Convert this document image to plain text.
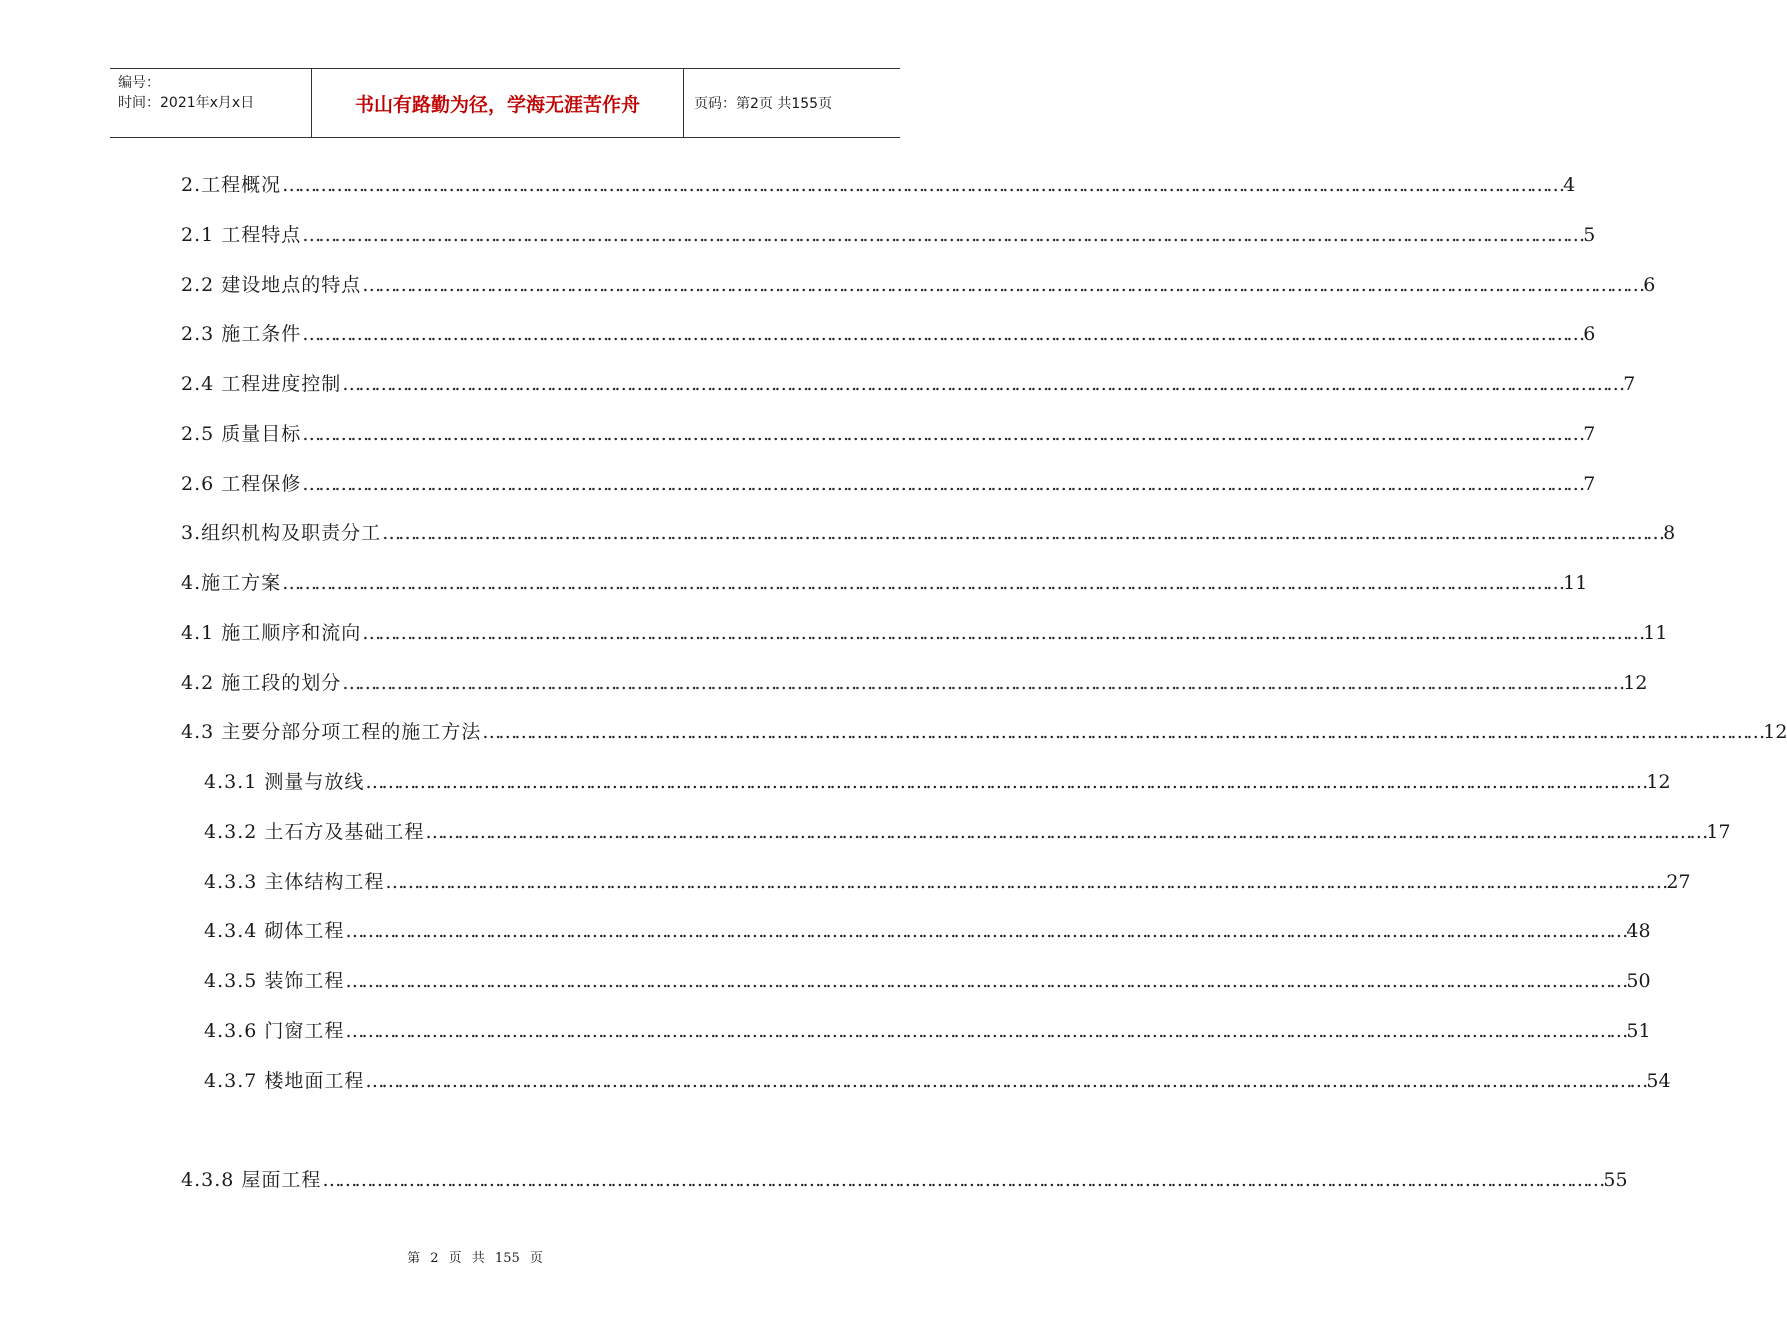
编号：
时间：2021年x月x日	书山有路勤为径，学海无涯苦作舟	页码：第2页 共155页
2.工程概况 …………………………………………………………………………………………………………………………………………………………………………………………………………………… 4
2.1 工程特点 …………………………………………………………………………………………………………………………………………………………………………………………………………………… 5
2.2 建设地点的特点 …………………………………………………………………………………………………………………………………………………………………………………………………………………… 6
2.3 施工条件 …………………………………………………………………………………………………………………………………………………………………………………………………………………… 6
2.4 工程进度控制 …………………………………………………………………………………………………………………………………………………………………………………………………………………… 7
2.5 质量目标 …………………………………………………………………………………………………………………………………………………………………………………………………………………… 7
2.6 工程保修 …………………………………………………………………………………………………………………………………………………………………………………………………………………… 7
3.组织机构及职责分工 …………………………………………………………………………………………………………………………………………………………………………………………………………………… 8
4.施工方案 …………………………………………………………………………………………………………………………………………………………………………………………………………………… 11
4.1 施工顺序和流向 …………………………………………………………………………………………………………………………………………………………………………………………………………………… 11
4.2 施工段的划分 …………………………………………………………………………………………………………………………………………………………………………………………………………………… 12
4.3 主要分部分项工程的施工方法 …………………………………………………………………………………………………………………………………………………………………………………………………………………… 12
4.3.1 测量与放线 …………………………………………………………………………………………………………………………………………………………………………………………………………………… 12
4.3.2 土石方及基础工程 …………………………………………………………………………………………………………………………………………………………………………………………………………………… 17
4.3.3 主体结构工程 …………………………………………………………………………………………………………………………………………………………………………………………………………………… 27
4.3.4 砌体工程 …………………………………………………………………………………………………………………………………………………………………………………………………………………… 48
4.3.5 装饰工程 …………………………………………………………………………………………………………………………………………………………………………………………………………………… 50
4.3.6 门窗工程 …………………………………………………………………………………………………………………………………………………………………………………………………………………… 51
4.3.7 楼地面工程 …………………………………………………………………………………………………………………………………………………………………………………………………………………… 54
4.3.8 屋面工程 …………………………………………………………………………………………………………………………………………………………………………………………………………………… 55
第 2 页 共 155 页
